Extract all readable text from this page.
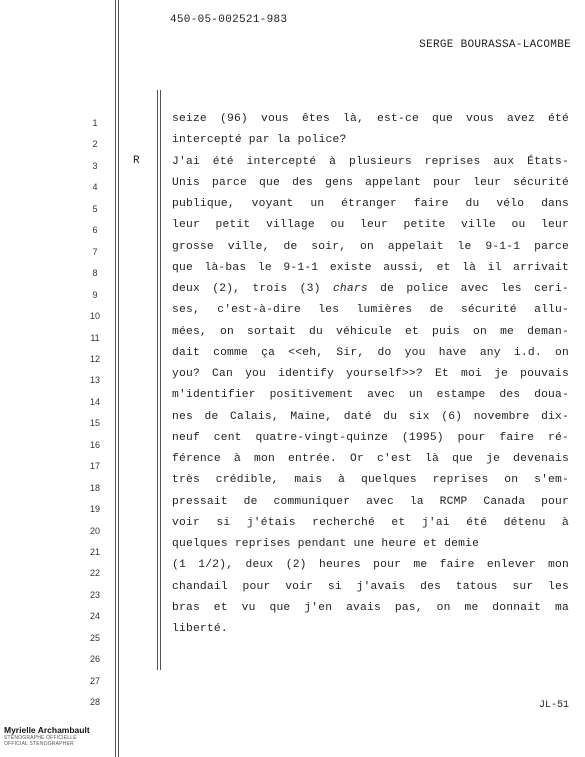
450-05-002521-983
SERGE BOURASSA-LACOMBE
1
2
3
4
5
6
7
8
9
10
11
12
13
14
15
16
17
18
19
20
21
22
23
24
25
26
27
28
R
seize (96) vous êtes là, est-ce que vous avez été
intercepté par la police?
J'ai été intercepté à plusieurs reprises aux États-
Unis parce que des gens appelant pour leur sécurité
publique, voyant un étranger faire du vélo dans
leur petit village ou leur petite ville ou leur
grosse ville, de soir, on appelait le 9-1-1 parce
que là-bas le 9-1-1 existe aussi, et là il arrivait
deux (2), trois (3) chars de police avec les ceri-
ses, c'est-à-dire les lumières de sécurité allu-
mées, on sortait du véhicule et puis on me deman-
dait comme ça <<eh, Sir, do you have any i.d. on
you? Can you identify yourself>>? Et moi je pouvais
m'identifier positivement avec un estampe des doua-
nes de Calais, Maine, daté du six (6) novembre dix-
neuf cent quatre-vingt-quinze (1995) pour faire ré-
férence à mon entrée. Or c'est là que je devenais
très crédible, mais à quelques reprises on s'em-
pressait de communiquer avec la RCMP Canada pour
voir si j'étais recherché et j'ai été détenu à
quelques reprises pendant une heure et demie
(1 1/2), deux (2) heures pour me faire enlever mon
chandail pour voir si j'avais des tatous sur les
bras et vu que j'en avais pas, on me donnait ma
liberté.
JL-51
Myrielle Archambault
STÉNOGRAPHE OFFICIELLE
OFFICIAL STENOGRAPHER
